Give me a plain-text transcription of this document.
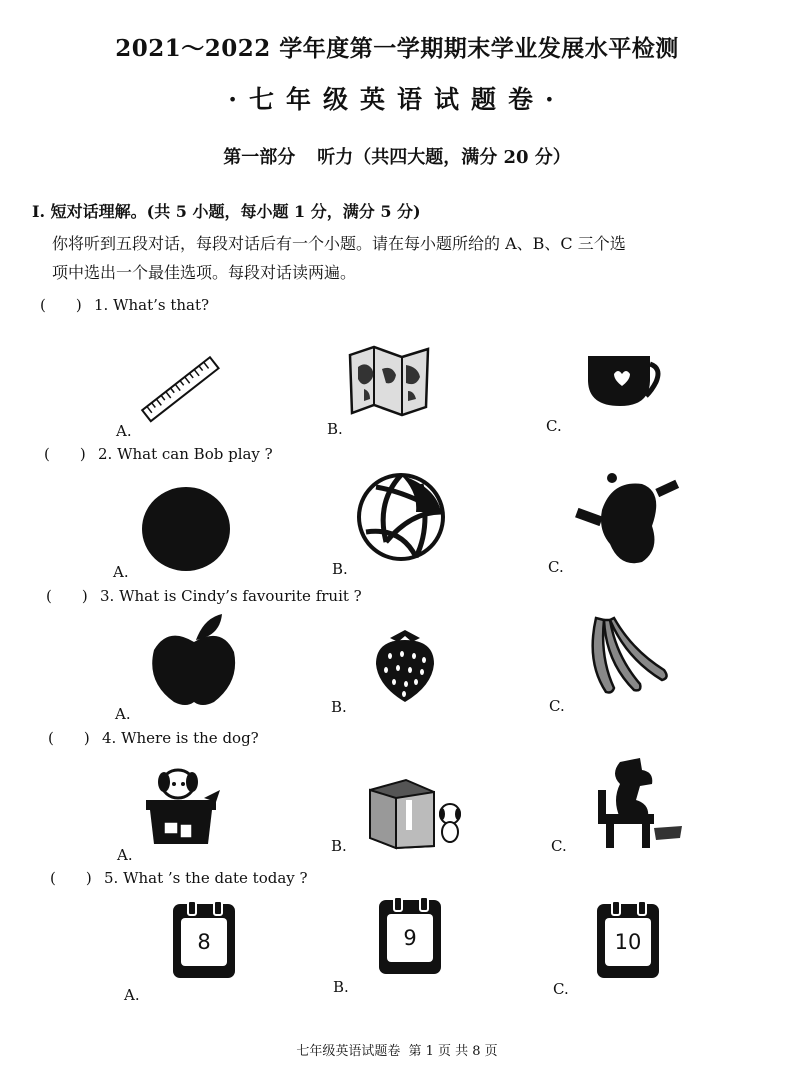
2021～2022 学年度第一学期期末学业发展水平检测
·七年级英语试题卷·
第一部分 听力（共四大题，满分 20 分）
I. 短对话理解。(共 5 小题，每小题 1 分，满分 5 分)
你将听到五段对话，每段对话后有一个小题。请在每小题所给的 A、B、C 三个选
项中选出一个最佳选项。每段对话读两遍。
(　　) 1. What’s that?
A.	B.	C.
(　　) 2. What can Bob play ?
A.	B.	C.
(　　) 3. What is Cindy’s favourite fruit ?
A.	B.	C.
(　　) 4. Where is the dog?
A.	B.	C.
(　　) 5. What ’s the date today ?
8	9	10
A.	B.	C.
七年级英语试题卷 第 1 页 共 8 页
